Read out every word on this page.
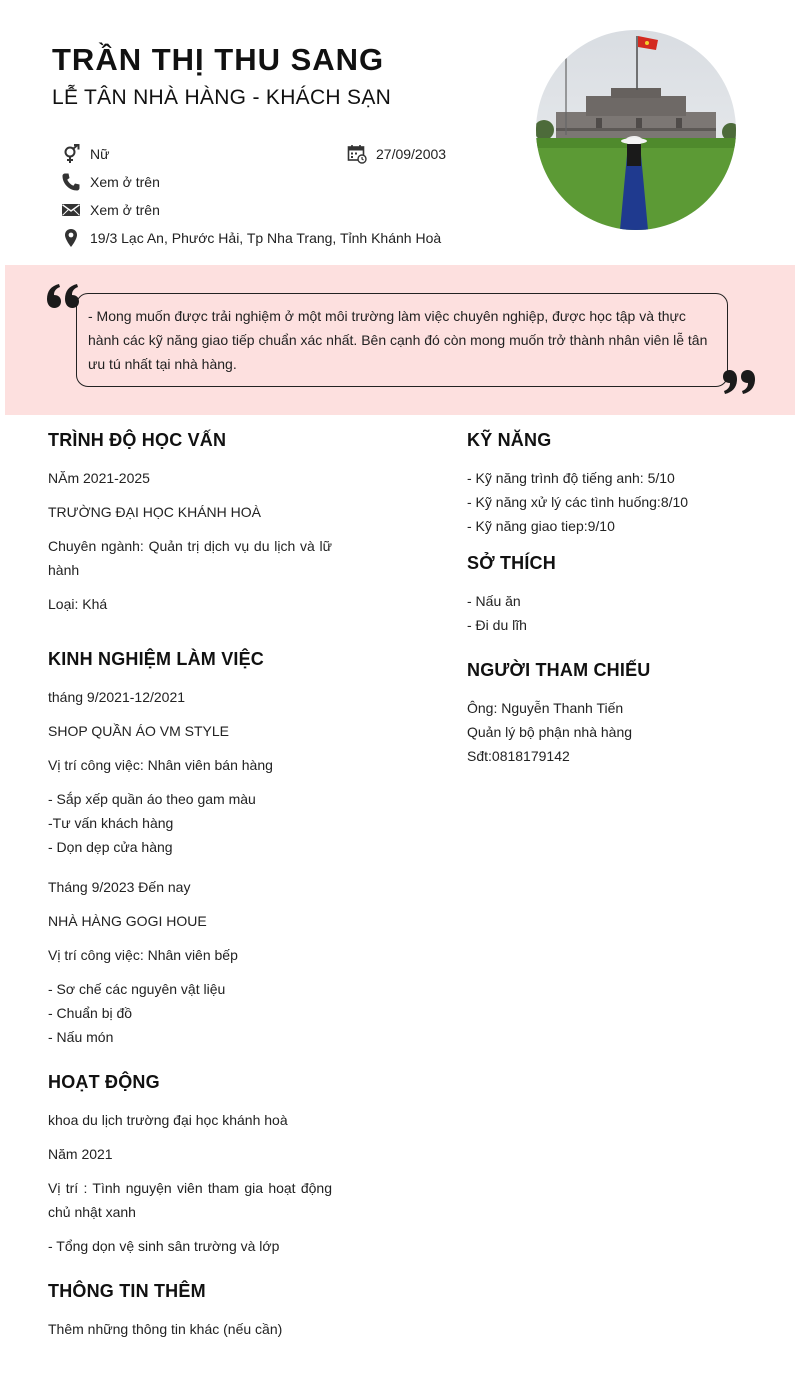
TRẦN THỊ THU SANG
LỄ TÂN NHÀ HÀNG - KHÁCH SẠN
Nữ	27/09/2003
Xem ở trên
Xem ở trên
19/3 Lạc An, Phước Hải, Tp Nha Trang, Tỉnh Khánh Hoà
- Mong muốn được trải nghiệm ở một môi trường làm việc chuyên nghiệp, được học tập và thực hành các kỹ năng giao tiếp chuẩn xác nhất. Bên cạnh đó còn mong muốn trở thành nhân viên lễ tân ưu tú nhất tại nhà hàng.
TRÌNH ĐỘ HỌC VẤN
NĂm 2021-2025
TRƯỜNG ĐẠI HỌC KHÁNH HOÀ
Chuyên ngành: Quản trị dịch vụ du lịch và lữ hành
Loại: Khá
KINH NGHIỆM LÀM VIỆC
tháng 9/2021-12/2021
SHOP QUẦN ÁO VM STYLE
Vị trí công việc: Nhân viên bán hàng
- Sắp xếp quần áo theo gam màu
-Tư vấn khách hàng
- Dọn dẹp cửa hàng
Tháng 9/2023 Đến nay
NHÀ HÀNG GOGI HOUE
Vị trí công việc: Nhân viên bếp
- Sơ chế các nguyên vật liệu
- Chuẩn bị đồ
- Nấu món
HOẠT ĐỘNG
khoa du lịch trường đại học khánh hoà
Năm 2021
Vị trí : Tình nguyện viên tham gia hoạt động chủ nhật xanh
- Tổng dọn vệ sinh sân trường và lớp
THÔNG TIN THÊM
Thêm những thông tin khác (nếu cần)
KỸ NĂNG
- Kỹ năng trình độ tiếng anh: 5/10
- Kỹ năng xử lý các tình huống:8/10
- Kỹ năng giao tiep:9/10
SỞ THÍCH
- Nấu ăn
- Đi du lĩh
NGƯỜI THAM CHIẾU
Ông: Nguyễn Thanh Tiến
Quản lý bộ phận nhà hàng
Sđt:0818179142
